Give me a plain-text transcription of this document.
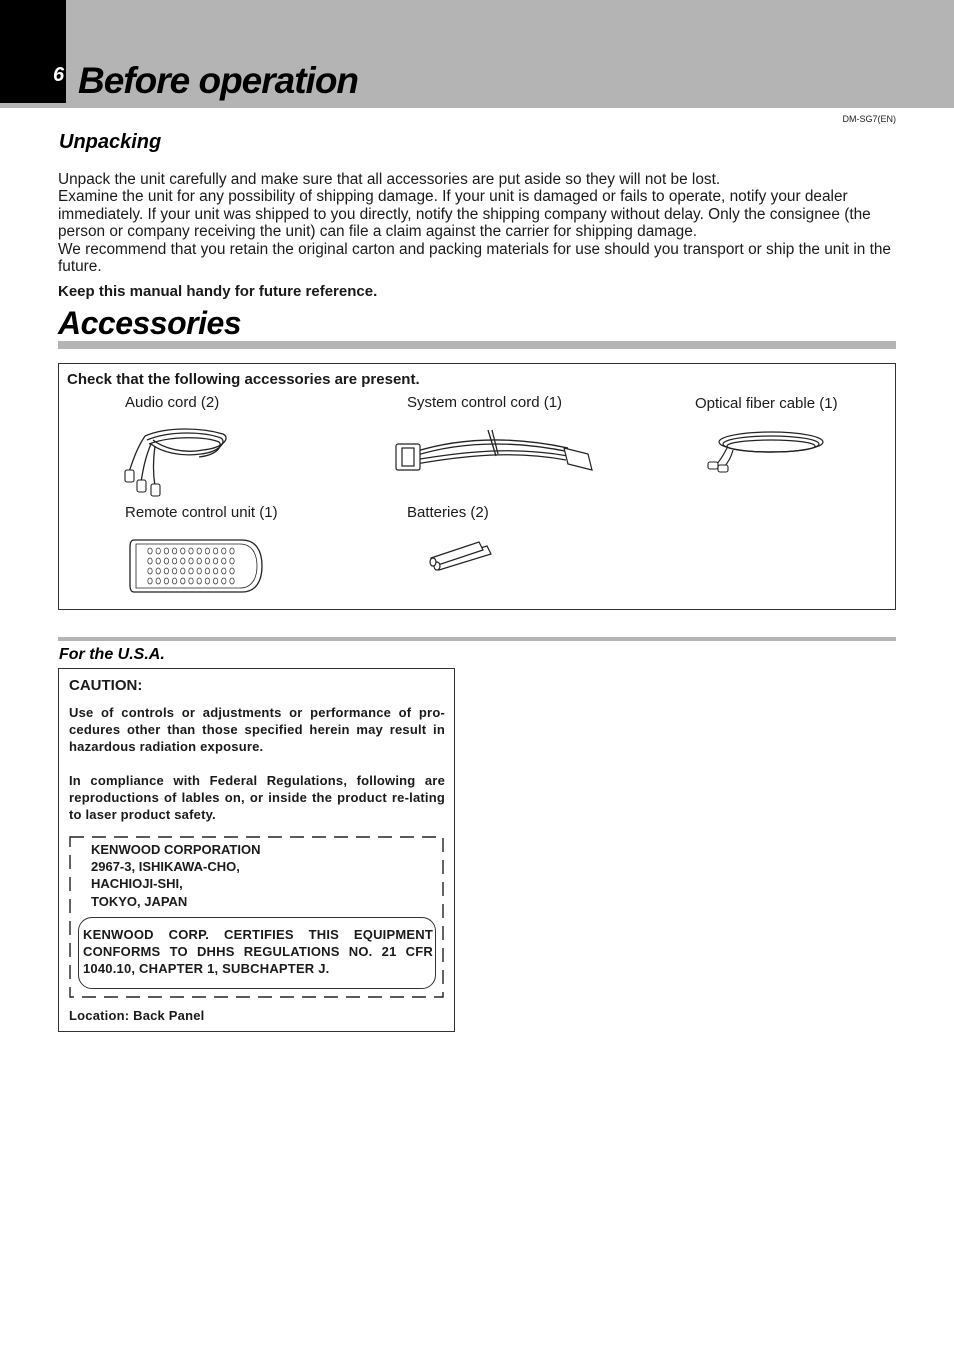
6 Before operation
DM-SG7(EN)
Unpacking

Unpack the unit carefully and make sure that all accessories are put aside so they will not be lost.

Examine the unit for any possibility of shipping damage. If your unit is damaged or fails to operate, notify your dealer immediately. If your unit was shipped to you directly, notify the shipping company without delay. Only the consignee (the person or company receiving the unit) can file a claim against the carrier for shipping damage.

We recommend that you retain the original carton and packing materials for use should you transport or ship the unit in the future.

Keep this manual handy for future reference.

Accessories
Check that the following accessories are present.
Audio cord (2)	System control cord (1)	Optical fiber cable (1)
Remote control unit (1)	Batteries (2)
For the U.S.A.
CAUTION:

Use of controls or adjustments or performance of pro-cedures other than those specified herein may result in hazardous radiation exposure.

In compliance with Federal Regulations, following are reproductions of lables on, or inside the product re-lating to laser product safety.

KENWOOD CORPORATION
2967-3, ISHIKAWA-CHO,
HACHIOJI-SHI,
TOKYO, JAPAN

KENWOOD CORP. CERTIFIES THIS EQUIPMENT CONFORMS TO DHHS REGULATIONS NO. 21 CFR 1040.10, CHAPTER 1, SUBCHAPTER J.

Location: Back Panel
